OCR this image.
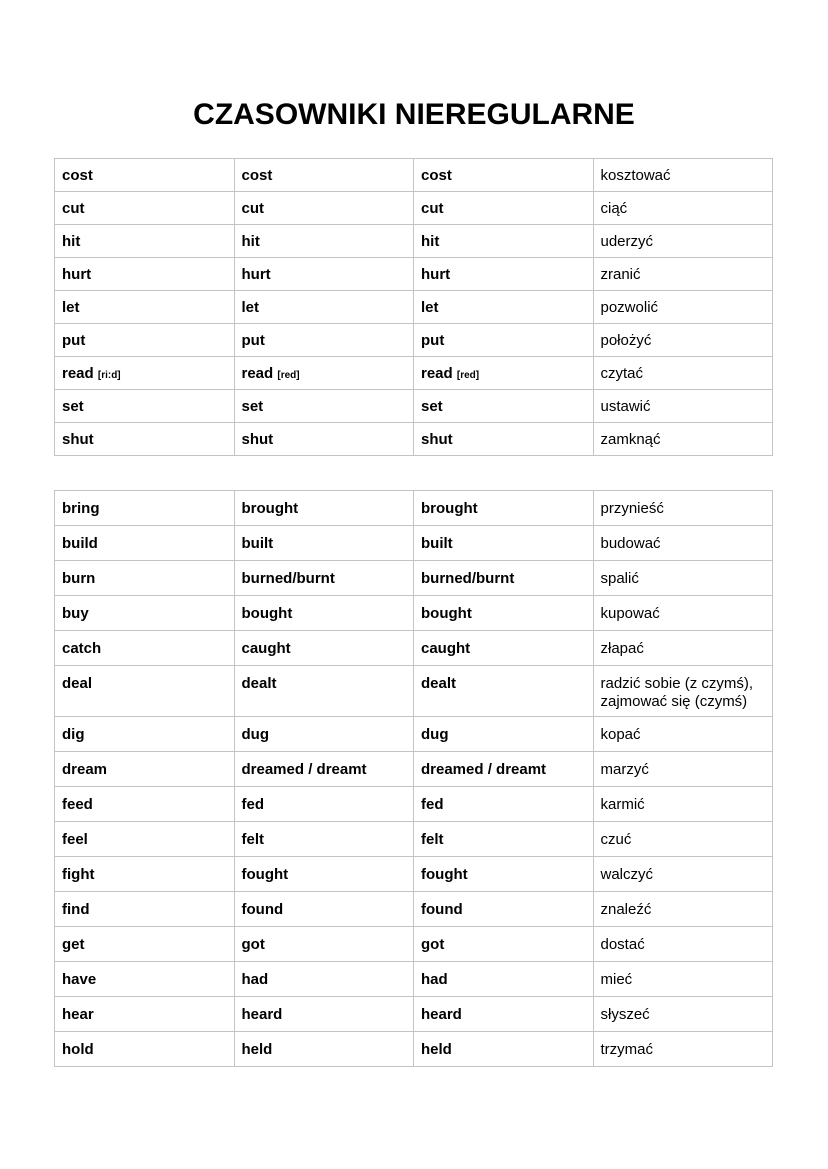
CZASOWNIKI NIEREGULARNE
cost	cost	cost	kosztować
cut	cut	cut	ciąć
hit	hit	hit	uderzyć
hurt	hurt	hurt	zranić
let	let	let	pozwolić
put	put	put	położyć
read [ri:d]	read [red]	read [red]	czytać
set	set	set	ustawić
shut	shut	shut	zamknąć
bring	brought	brought	przynieść
build	built	built	budować
burn	burned/burnt	burned/burnt	spalić
buy	bought	bought	kupować
catch	caught	caught	złapać
deal	dealt	dealt	radzić sobie (z czymś), zajmować się (czymś)
dig	dug	dug	kopać
dream	dreamed / dreamt	dreamed / dreamt	marzyć
feed	fed	fed	karmić
feel	felt	felt	czuć
fight	fought	fought	walczyć
find	found	found	znaleźć
get	got	got	dostać
have	had	had	mieć
hear	heard	heard	słyszeć
hold	held	held	trzymać
